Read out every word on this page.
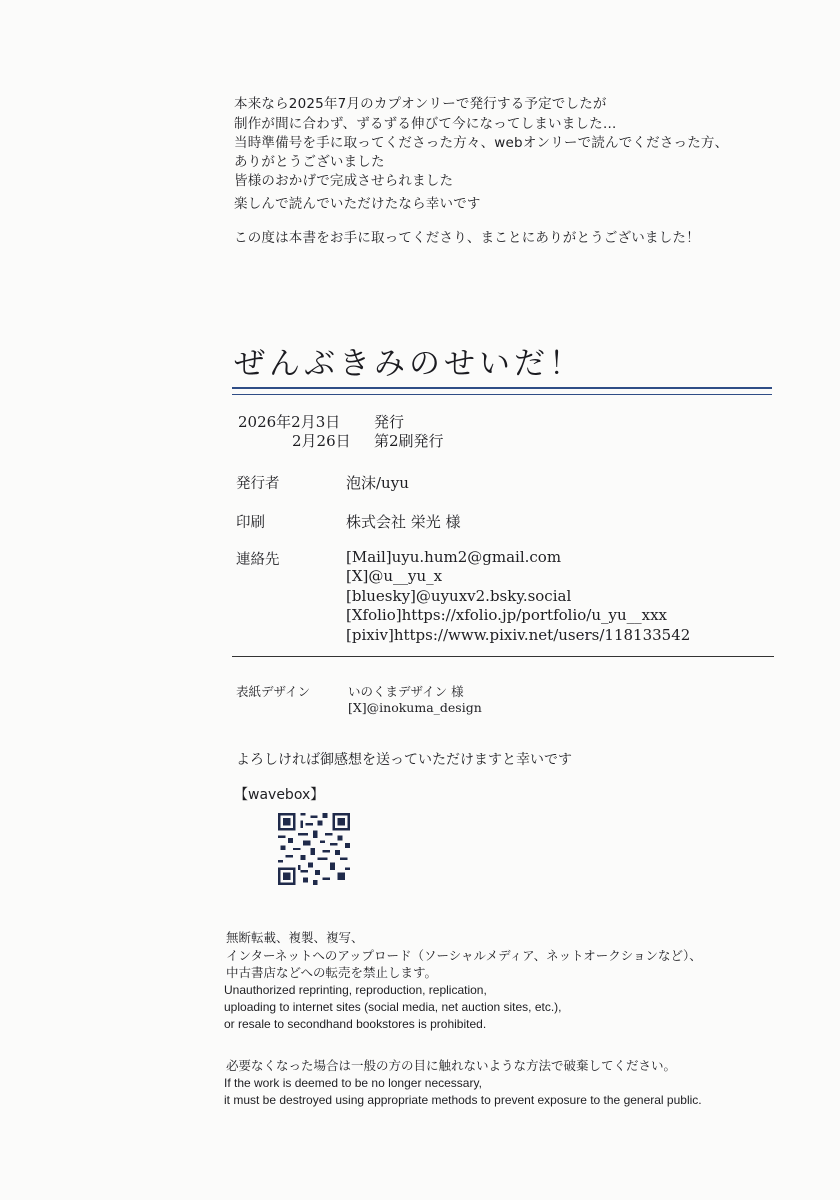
本来なら2025年7月のカプオンリーで発行する予定でしたが
制作が間に合わず、ずるずる伸びて今になってしまいました…
当時準備号を手に取ってくださった方々、webオンリーで読んでくださった方、
ありがとうございました
皆様のおかげで完成させられました
楽しんで読んでいただけたなら幸いです
この度は本書をお手に取ってくださり、まことにありがとうございました！
ぜんぶきみのせいだ！
2026年2月3日 発行
2月26日 第2刷発行
発行者	泡沫/uyu
印刷	株式会社 栄光 様
連絡先	[Mail]uyu.hum2@gmail.com
[X]@u__yu_x
[bluesky]@uyuxv2.bsky.social
[Xfolio]https://xfolio.jp/portfolio/u_yu__xxx
[pixiv]https://www.pixiv.net/users/118133542
表紙デザイン	いのくまデザイン 様
[X]@inokuma_design
よろしければ御感想を送っていただけますと幸いです
【wavebox】
無断転載、複製、複写、
インターネットへのアップロード（ソーシャルメディア、ネットオークションなど）、
中古書店などへの転売を禁止します。
Unauthorized reprinting, reproduction, replication,
uploading to internet sites (social media, net auction sites, etc.),
or resale to secondhand bookstores is prohibited.
必要なくなった場合は一般の方の目に触れないような方法で破棄してください。
If the work is deemed to be no longer necessary,
it must be destroyed using appropriate methods to prevent exposure to the general public.
